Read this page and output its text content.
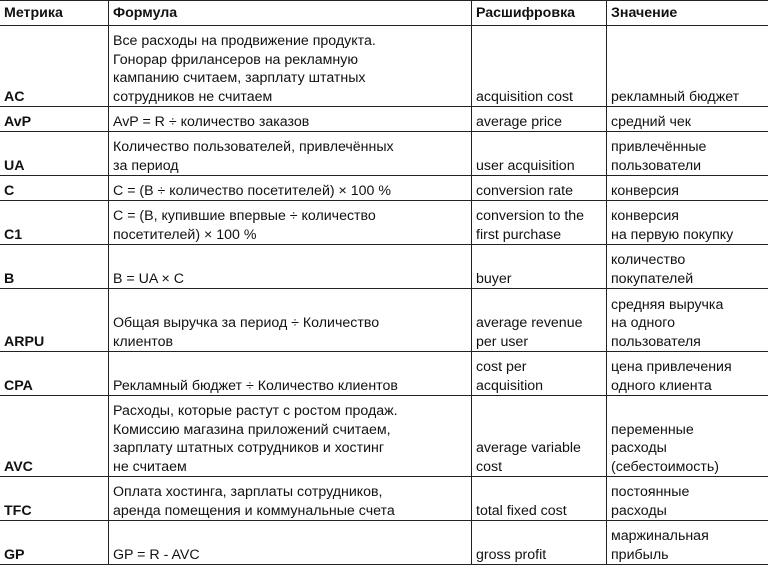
Метрика	Формула	Расшифровка	Значение
AC	Все расходы на продвижение продукта.
Гонорар фрилансеров на рекламную
кампанию считаем, зарплату штатных
сотрудников не считаем	acquisition cost	рекламный бюджет
AvP	AvP = R ÷ количество заказов	average price	средний чек
UA	Количество пользователей, привлечённых
за период	user acquisition	привлечённые
пользователи
C	C = (B ÷ количество посетителей) × 100 %	conversion rate	конверсия
C1	C = (B, купившие впервые ÷ количество
посетителей) × 100 %	conversion to the
first purchase	конверсия
на первую покупку
B	B = UA × C	buyer	количество
покупателей
ARPU	Общая выручка за период ÷ Количество
клиентов	average revenue
per user	средняя выручка
на одного
пользователя
CPA	Рекламный бюджет ÷ Количество клиентов	cost per
acquisition	цена привлечения
одного клиента
AVC	Расходы, которые растут с ростом продаж.
Комиссию магазина приложений считаем,
зарплату штатных сотрудников и хостинг
не считаем	average variable
cost	переменные
расходы
(себестоимость)
TFC	Оплата хостинга, зарплаты сотрудников,
аренда помещения и коммунальные счета	total fixed cost	постоянные
расходы
GP	GP = R - AVC	gross profit	маржинальная
прибыль
